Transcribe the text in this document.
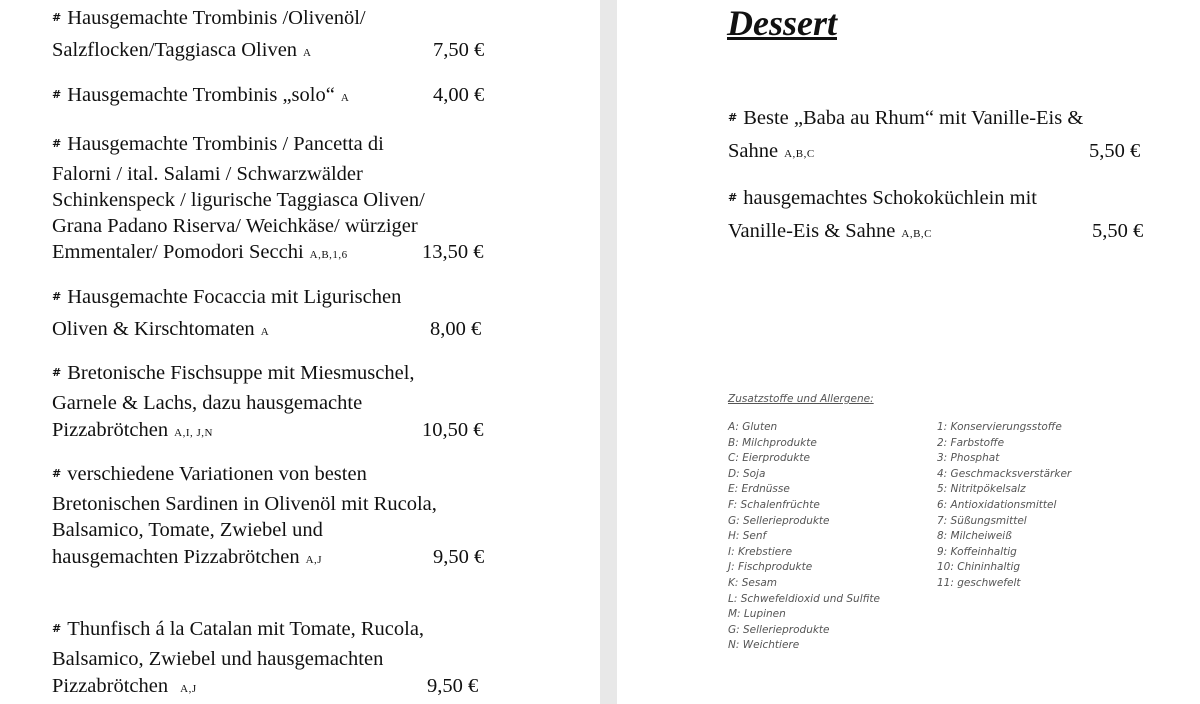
# Hausgemachte Trombinis /Olivenöl/
Salzflocken/Taggiasca Oliven A	7,50 €
# Hausgemachte Trombinis „solo“ A	4,00 €
# Hausgemachte Trombinis / Pancetta di
Falorni / ital. Salami / Schwarzwälder
Schinkenspeck / ligurische Taggiasca Oliven/
Grana Padano Riserva/ Weichkäse/ würziger
Emmentaler/ Pomodori Secchi A,B,1,6	13,50 €
# Hausgemachte Focaccia mit Ligurischen
Oliven & Kirschtomaten A	8,00 €
# Bretonische Fischsuppe mit Miesmuschel,
Garnele & Lachs, dazu hausgemachte
Pizzabrötchen A,I, J,N	10,50 €
# verschiedene Variationen von besten
Bretonischen Sardinen in Olivenöl mit Rucola,
Balsamico, Tomate, Zwiebel und
hausgemachten Pizzabrötchen A,J	9,50 €
# Thunfisch á la Catalan mit Tomate, Rucola,
Balsamico, Zwiebel und hausgemachten
Pizzabrötchen A,J	9,50 €
Dessert
# Beste „Baba au Rhum“ mit Vanille-Eis &
Sahne A,B,C	5,50 €
# hausgemachtes Schokoküchlein mit
Vanille-Eis & Sahne A,B,C	5,50 €
Zusatzstoffe und Allergene:
A: Gluten
B: Milchprodukte
C: Eierprodukte
D: Soja
E: Erdnüsse
F: Schalenfrüchte
G: Sellerieprodukte
H: Senf
I: Krebstiere
J: Fischprodukte
K: Sesam
L: Schwefeldioxid und Sulfite
M: Lupinen
G: Sellerieprodukte
N: Weichtiere
1: Konservierungsstoffe
2: Farbstoffe
3: Phosphat
4: Geschmacksverstärker
5: Nitritpökelsalz
6: Antioxidationsmittel
7: Süßungsmittel
8: Milcheiweiß
9: Koffeinhaltig
10: Chininhaltig
11: geschwefelt
